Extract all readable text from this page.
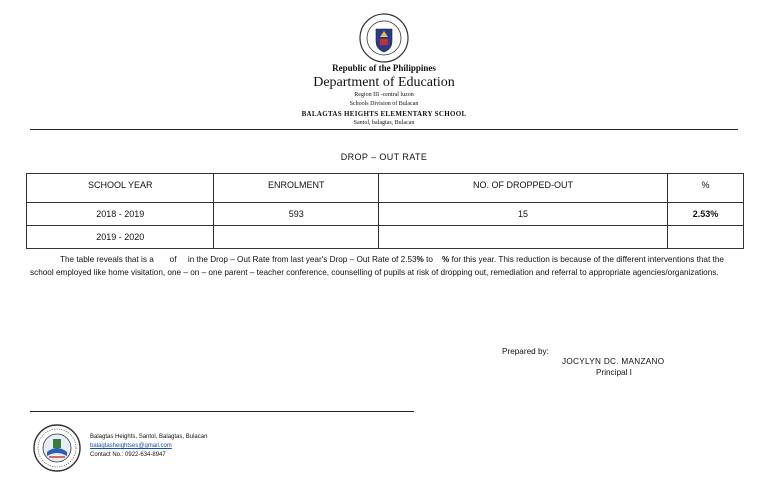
· · · · · ·
Republic of the Philippines
Department of Education
Region III -central luzon
Schools Division of Bulacan
BALAGTAS HEIGHTS ELEMENTARY SCHOOL
Santol, balagtas, Bulacan
DROP – OUT RATE
SCHOOL YEAR	ENROLMENT	NO. OF DROPPED-OUT	%
2018 - 2019	593	15	2.53%
2019 - 2020			
The table reveals that is a       of     in the Drop – Out Rate from last year's Drop – Out Rate of 2.53% to    % for this year. This reduction is because of the different interventions that the school employed like home visitation, one – on – one parent – teacher conference, counselling of pupils at risk of dropping out, remediation and referral to appropriate agencies/organizations.
Prepared by:
JOCYLYN DC. MANZANO
Principal I
Balagtas Heights, Santol, Balagtas, Bulacan
balagtasheightses@gmail.com
Contact No.: 0922-634-8947
